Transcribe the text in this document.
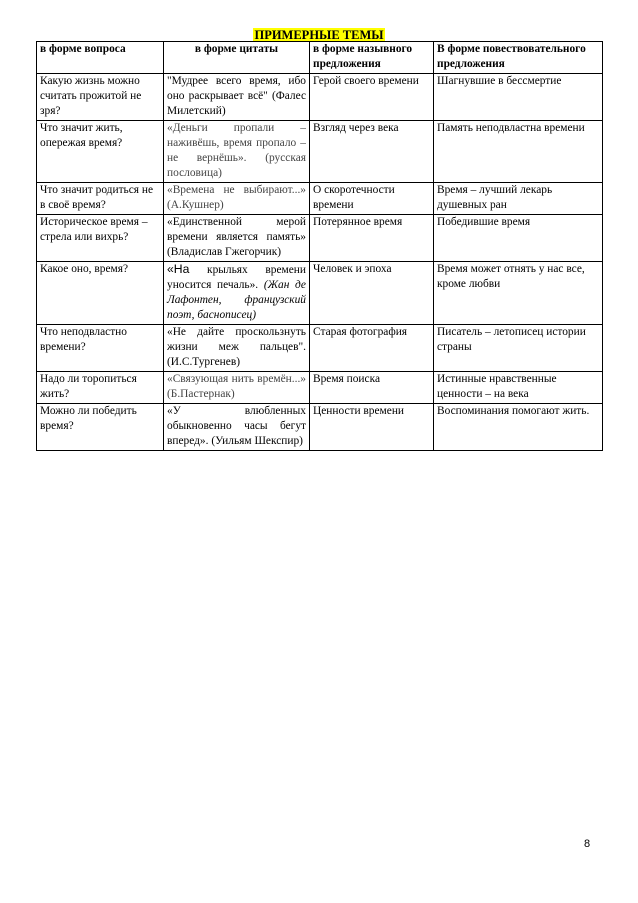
ПРИМЕРНЫЕ ТЕМЫ
в форме вопроса	в форме цитаты	в форме назывного предложения	В форме повествовательного предложения
Какую жизнь можно считать прожитой не зря?	"Мудрее всего время, ибо оно раскрывает всё" (Фалес Милетский)	Герой своего времени	Шагнувшие в бессмертие
Что значит жить, опережая время?	«Деньги пропали – наживёшь, время пропало – не вернёшь». (русская пословица)	Взгляд через века	Память неподвластна времени
Что значит родиться не в своё время?	«Времена не выбирают...» (А.Кушнер)	О скоротечности времени	Время – лучший лекарь душевных ран
Историческое время – стрела или вихрь?	«Единственной мерой времени является память» (Владислав Гжегорчик)	Потерянное время	Победившие время
Какое оно, время?	«На крыльях времени уносится печаль». (Жан де Лафонтен, французский поэт, баснописец)	Человек и эпоха	Время может отнять у нас все, кроме любви
Что неподвластно времени?	«Не дайте проскользнуть жизни меж пальцев". (И.С.Тургенев)	Старая фотография	Писатель – летописец истории страны
Надо ли торопиться жить?	«Связующая нить времён...» (Б.Пастернак)	Время поиска	Истинные нравственные ценности – на века
Можно ли победить время?	«У влюбленных обыкновенно часы бегут вперед». (Уильям Шекспир)	Ценности времени	Воспоминания помогают жить.
8
